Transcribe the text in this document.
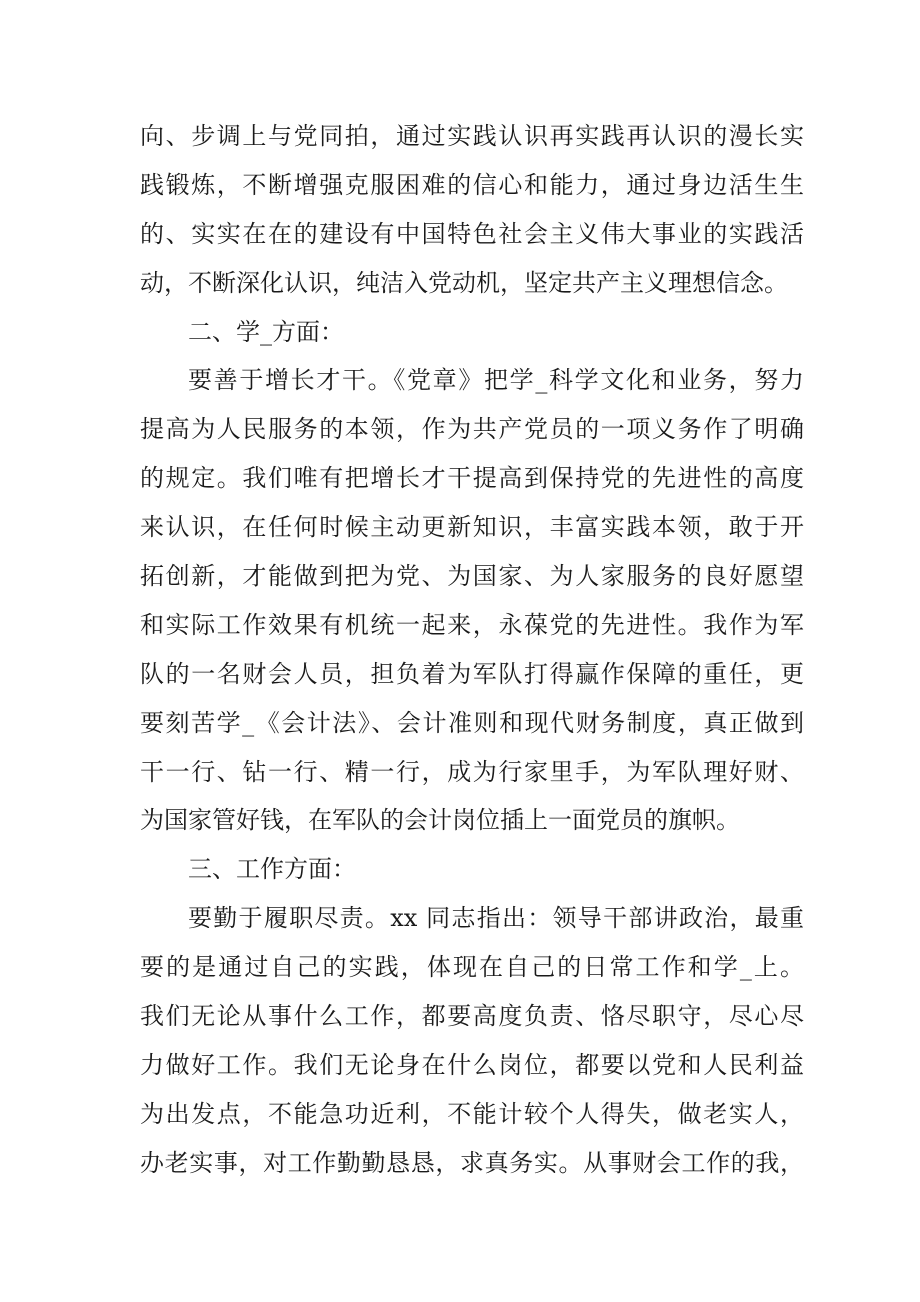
向、步调上与党同拍，通过实践认识再实践再认识的漫长实
践锻炼，不断增强克服困难的信心和能力，通过身边活生生
的、实实在在的建设有中国特色社会主义伟大事业的实践活
动，不断深化认识，纯洁入党动机，坚定共产主义理想信念。
二、学_方面：
要善于增长才干。《党章》把学_科学文化和业务，努力
提高为人民服务的本领，作为共产党员的一项义务作了明确
的规定。我们唯有把增长才干提高到保持党的先进性的高度
来认识，在任何时候主动更新知识，丰富实践本领，敢于开
拓创新，才能做到把为党、为国家、为人家服务的良好愿望
和实际工作效果有机统一起来，永葆党的先进性。我作为军
队的一名财会人员，担负着为军队打得赢作保障的重任，更
要刻苦学_《会计法》、会计准则和现代财务制度，真正做到
干一行、钻一行、精一行，成为行家里手，为军队理好财、
为国家管好钱，在军队的会计岗位插上一面党员的旗帜。
三、工作方面：
要勤于履职尽责。xx 同志指出：领导干部讲政治，最重
要的是通过自己的实践，体现在自己的日常工作和学_上。
我们无论从事什么工作，都要高度负责、恪尽职守，尽心尽
力做好工作。我们无论身在什么岗位，都要以党和人民利益
为出发点，不能急功近利，不能计较个人得失，做老实人，
办老实事，对工作勤勤恳恳，求真务实。从事财会工作的我，
